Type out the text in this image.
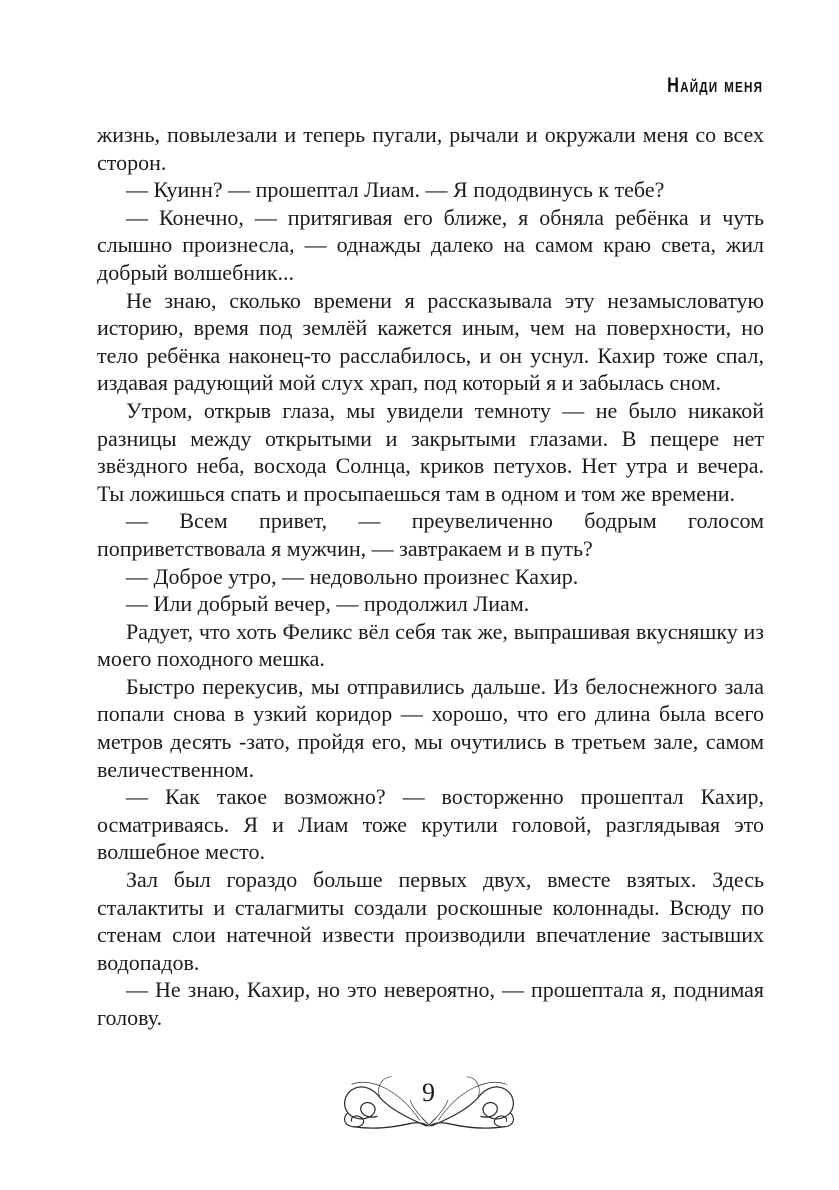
Найди меня

жизнь, повылезали и теперь пугали, рычали и окружали меня со всех сторон.

— Куинн? — прошептал Лиам. — Я пододвинусь к тебе?

— Конечно, — притягивая его ближе, я обняла ребёнка и чуть слышно произнесла, — однажды далеко на самом краю света, жил добрый волшебник...

Не знаю, сколько времени я рассказывала эту незамысловатую историю, время под землёй кажется иным, чем на поверхности, но тело ребёнка наконец-то расслабилось, и он уснул. Кахир тоже спал, издавая радующий мой слух храп, под который я и забылась сном.

Утром, открыв глаза, мы увидели темноту — не было никакой разницы между открытыми и закрытыми глазами. В пещере нет звёздного неба, восхода Солнца, криков петухов. Нет утра и вечера. Ты ложишься спать и просыпаешься там в одном и том же времени.

— Всем привет, — преувеличенно бодрым голосом поприветствовала я мужчин, — завтракаем и в путь?

— Доброе утро, — недовольно произнес Кахир.

— Или добрый вечер, — продолжил Лиам.

Радует, что хоть Феликс вёл себя так же, выпрашивая вкусняшку из моего походного мешка.

Быстро перекусив, мы отправились дальше. Из белоснежного зала попали снова в узкий коридор — хорошо, что его длина была всего метров десять -зато, пройдя его, мы очутились в третьем зале, самом величественном.

— Как такое возможно? — восторженно прошептал Кахир, осматриваясь. Я и Лиам тоже крутили головой, разглядывая это волшебное место.

Зал был гораздо больше первых двух, вместе взятых. Здесь сталактиты и сталагмиты создали роскошные колоннады. Всюду по стенам слои натечной извести производили впечатление застывших водопадов.

— Не знаю, Кахир, но это невероятно, — прошептала я, поднимая голову.

9
